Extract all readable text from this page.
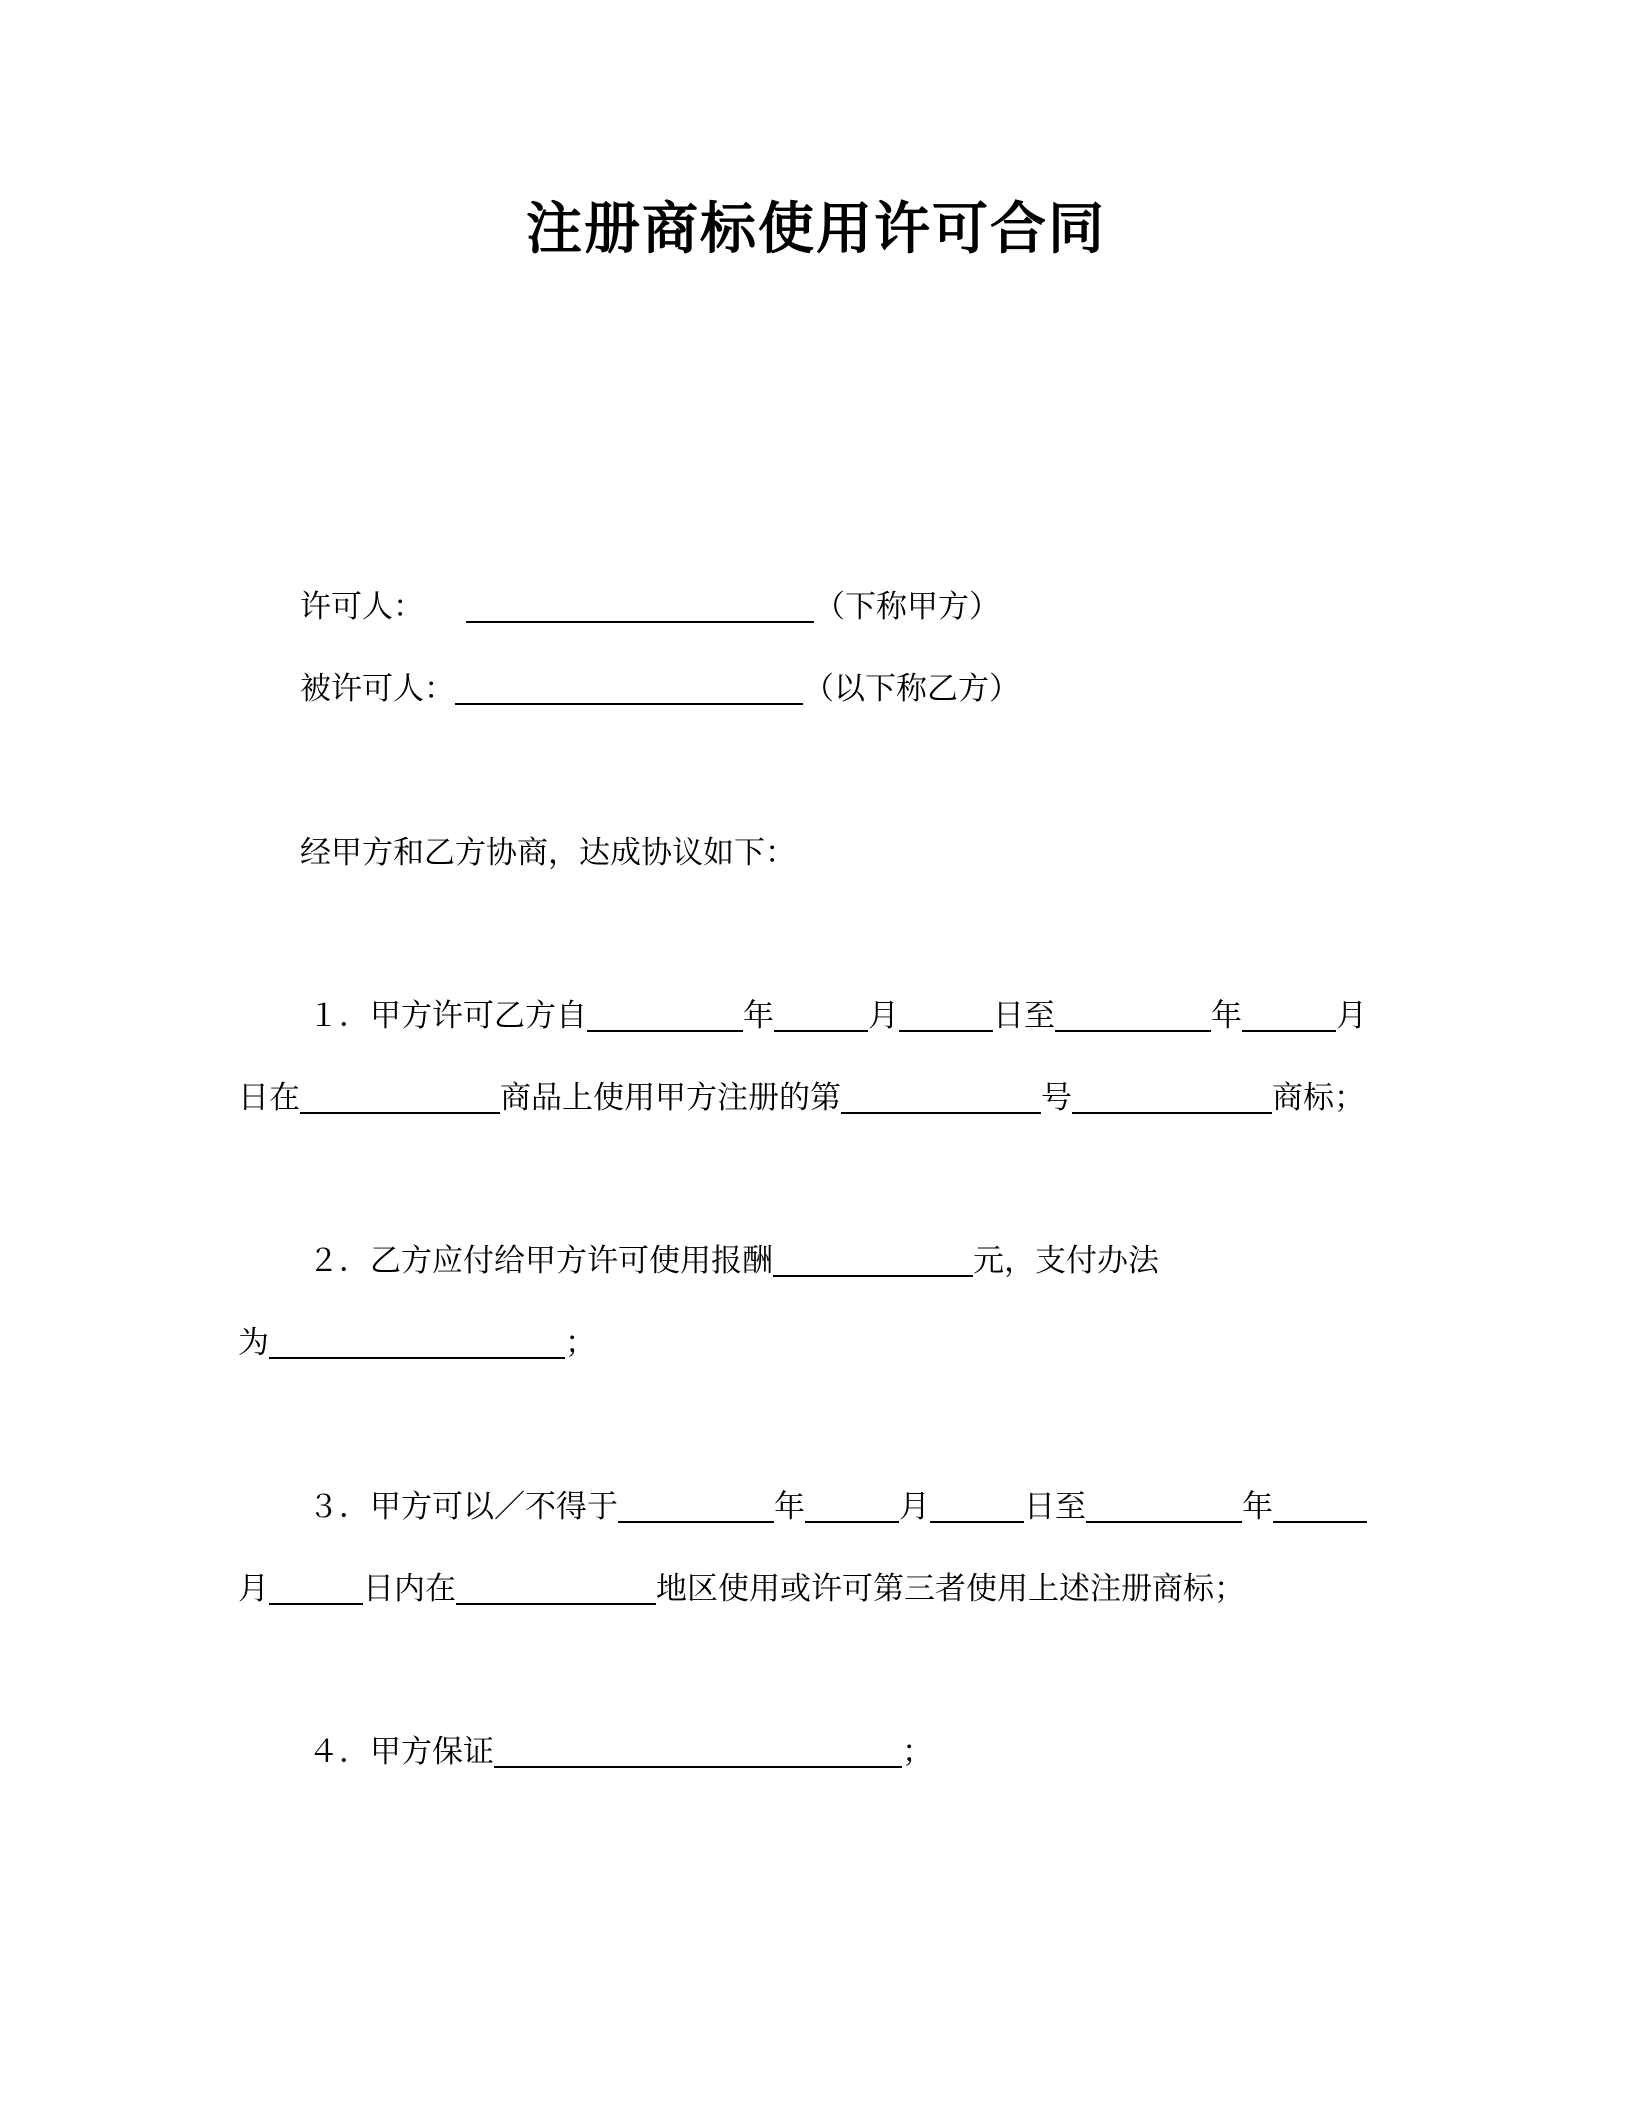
注册商标使用许可合同
许可人：	（下称甲方）
被许可人：	（以下称乙方）
经甲方和乙方协商，达成协议如下：
１．甲方许可乙方自	年	月	日至	年	月
日在	商品上使用甲方注册的第	号	商标；
２．乙方应付给甲方许可使用报酬	元，支付办法
为	；
３．甲方可以／不得于	年	月	日至	年
月	日内在	地区使用或许可第三者使用上述注册商标；
４．甲方保证	；
